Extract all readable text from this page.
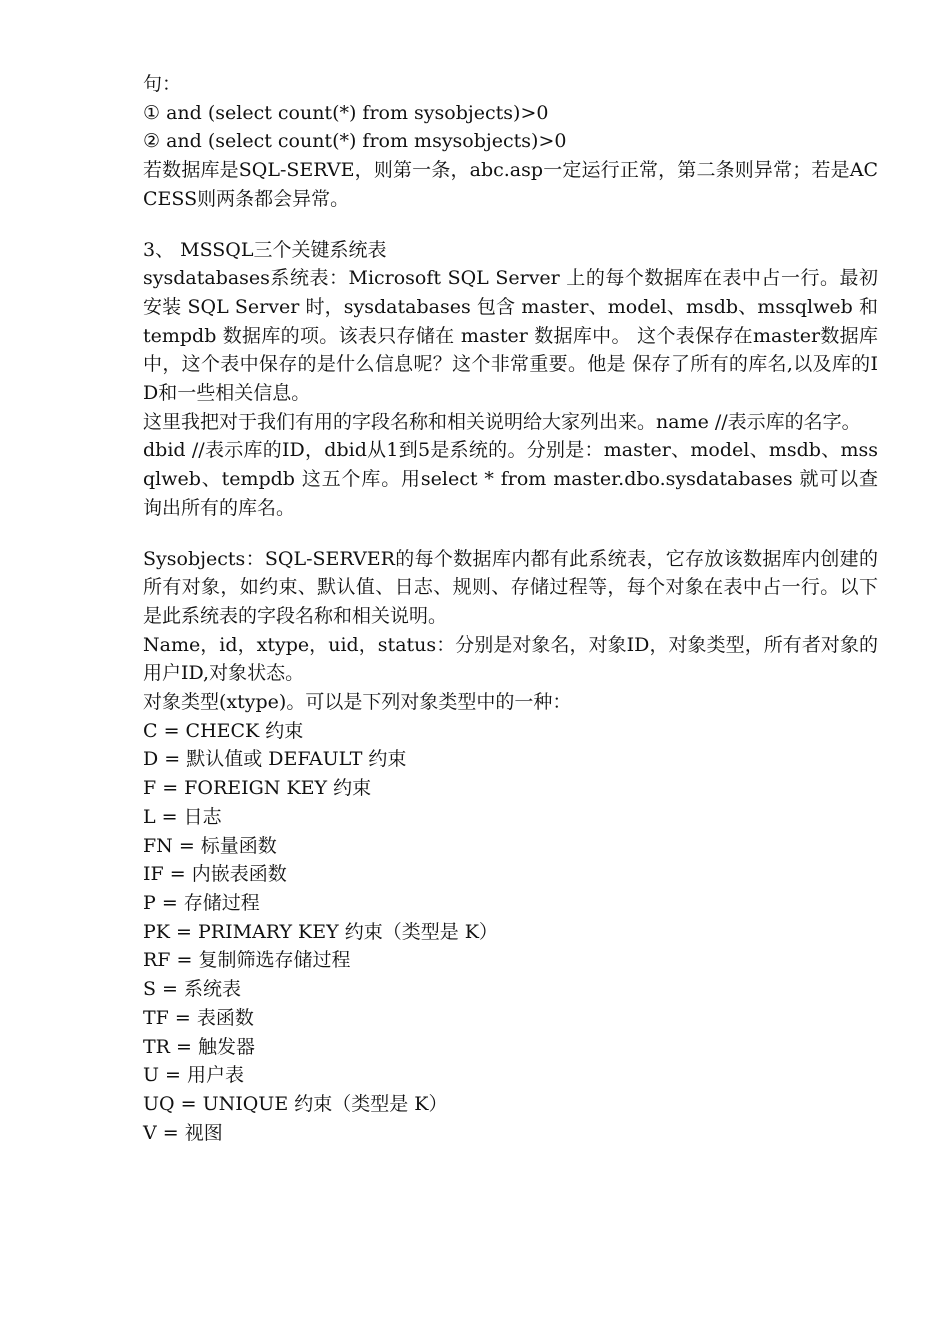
句：
① and (select count(*) from sysobjects)>0
② and (select count(*) from msysobjects)>0
若数据库是SQL-SERVE，则第一条，abc.asp一定运行正常，第二条则异常；若是ACCESS则两条都会异常。
3、 MSSQL三个关键系统表
sysdatabases系统表：Microsoft SQL Server 上的每个数据库在表中占一行。最初安装 SQL Server 时，sysdatabases 包含 master、model、msdb、mssqlweb 和 tempdb 数据库的项。该表只存储在 master 数据库中。 这个表保存在master数据库中，这个表中保存的是什么信息呢？这个非常重要。他是 保存了所有的库名,以及库的ID和一些相关信息。
这里我把对于我们有用的字段名称和相关说明给大家列出来。name //表示库的名字。
dbid //表示库的ID，dbid从1到5是系统的。分别是：master、model、msdb、mssqlweb、tempdb 这五个库。用select * from master.dbo.sysdatabases 就可以查询出所有的库名。
Sysobjects：SQL-SERVER的每个数据库内都有此系统表，它存放该数据库内创建的所有对象，如约束、默认值、日志、规则、存储过程等，每个对象在表中占一行。以下是此系统表的字段名称和相关说明。
Name，id，xtype，uid，status：分别是对象名，对象ID，对象类型，所有者对象的用户ID,对象状态。
对象类型(xtype)。可以是下列对象类型中的一种：
C = CHECK 约束
D = 默认值或 DEFAULT 约束
F = FOREIGN KEY 约束
L = 日志
FN = 标量函数
IF = 内嵌表函数
P = 存储过程
PK = PRIMARY KEY 约束（类型是 K）
RF = 复制筛选存储过程
S = 系统表
TF = 表函数
TR = 触发器
U = 用户表
UQ = UNIQUE 约束（类型是 K）
V = 视图
